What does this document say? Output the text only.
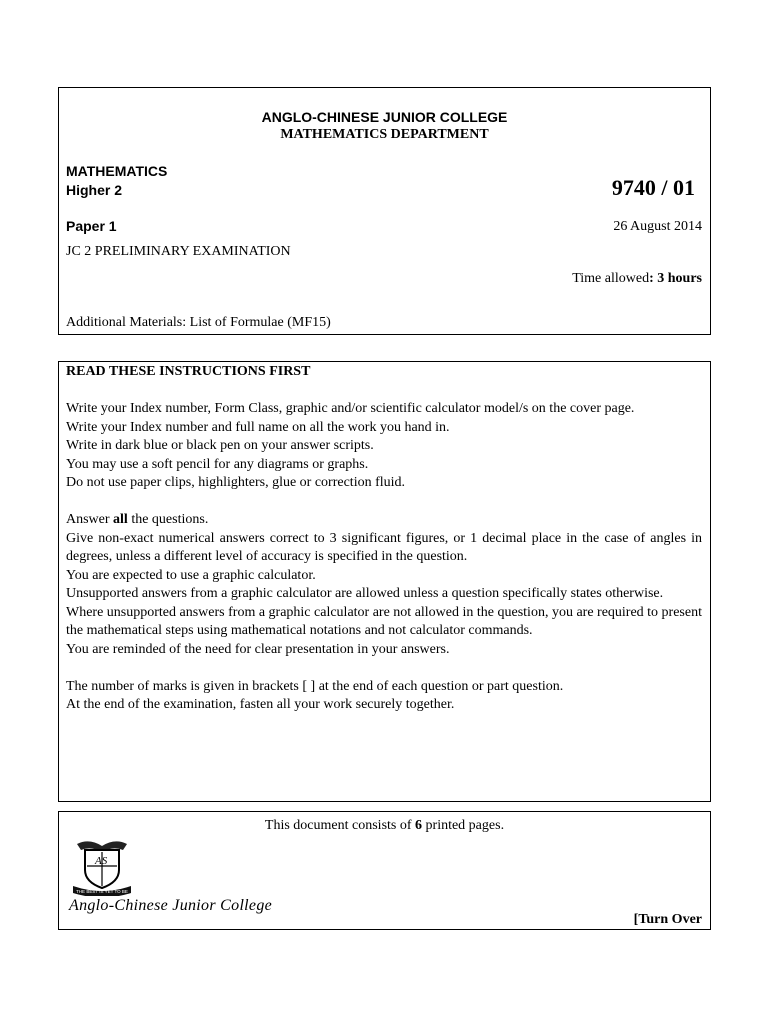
ANGLO-CHINESE JUNIOR COLLEGE
MATHEMATICS DEPARTMENT
MATHEMATICS
Higher 2	9740 / 01
Paper 1	26 August 2014
JC 2 PRELIMINARY EXAMINATION
Time allowed: 3 hours
Additional Materials: List of Formulae (MF15)
READ THESE INSTRUCTIONS FIRST

Write your Index number, Form Class, graphic and/or scientific calculator model/s on the cover page.

Write your Index number and full name on all the work you hand in.

Write in dark blue or black pen on your answer scripts.

You may use a soft pencil for any diagrams or graphs.

Do not use paper clips, highlighters, glue or correction fluid.

Answer all the questions.

Give non-exact numerical answers correct to 3 significant figures, or 1 decimal place in the case of angles in degrees, unless a different level of accuracy is specified in the question.

You are expected to use a graphic calculator.

Unsupported answers from a graphic calculator are allowed unless a question specifically states otherwise.

Where unsupported answers from a graphic calculator are not allowed in the question, you are required to present the mathematical steps using mathematical notations and not calculator commands.

You are reminded of the need for clear presentation in your answers.

The number of marks is given in brackets [ ] at the end of each question or part question.

At the end of the examination, fasten all your work securely together.

This document consists of 6 printed pages.
AS
THE BEST IS YET TO BE
Anglo-Chinese Junior College
[Turn Over
